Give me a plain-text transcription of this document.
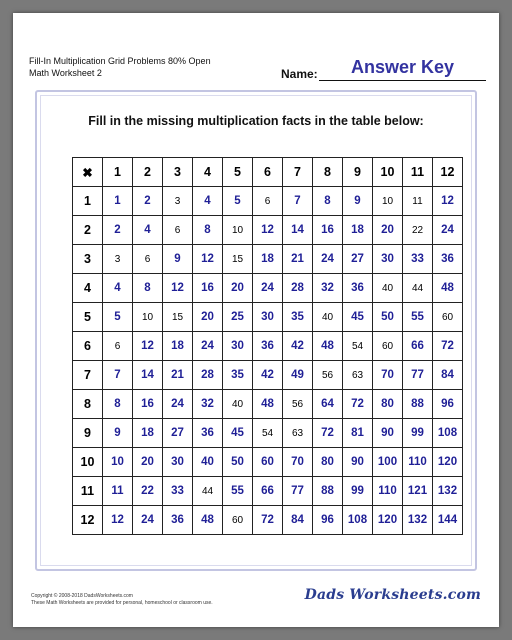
Fill-In Multiplication Grid Problems 80% Open
Math Worksheet 2	Name:	Answer Key
Fill in the missing multiplication facts in the table below:
✖	1	2	3	4	5	6	7	8	9	10	11	12
1	1	2	3	4	5	6	7	8	9	10	11	12
2	2	4	6	8	10	12	14	16	18	20	22	24
3	3	6	9	12	15	18	21	24	27	30	33	36
4	4	8	12	16	20	24	28	32	36	40	44	48
5	5	10	15	20	25	30	35	40	45	50	55	60
6	6	12	18	24	30	36	42	48	54	60	66	72
7	7	14	21	28	35	42	49	56	63	70	77	84
8	8	16	24	32	40	48	56	64	72	80	88	96
9	9	18	27	36	45	54	63	72	81	90	99	108
10	10	20	30	40	50	60	70	80	90	100	110	120
11	11	22	33	44	55	66	77	88	99	110	121	132
12	12	24	36	48	60	72	84	96	108	120	132	144
Copyright © 2008-2018 DadsWorksheets.com
These Math Worksheets are provided for personal, homeschool or classroom use.	Dads Worksheets.com
